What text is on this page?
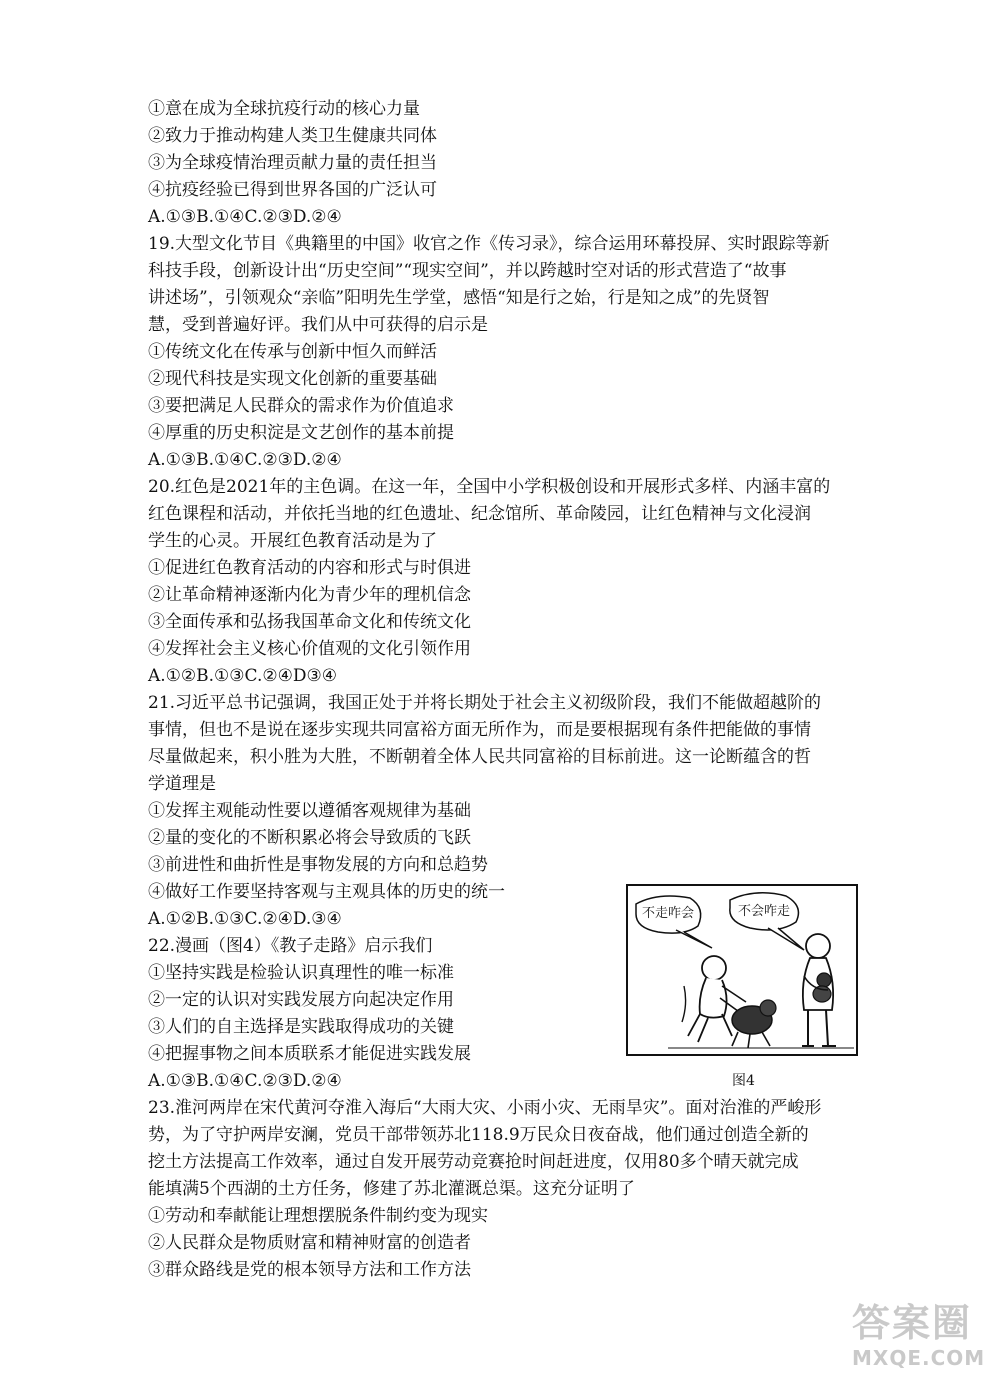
①意在成为全球抗疫行动的核心力量
②致力于推动构建人类卫生健康共同体
③为全球疫情治理贡献力量的责任担当
④抗疫经验已得到世界各国的广泛认可
A.①③B.①④C.②③D.②④
19.大型文化节目《典籍里的中国》收官之作《传习录》，综合运用环幕投屏、实时跟踪等新
科技手段，创新设计出“历史空间”“现实空间”，并以跨越时空对话的形式营造了“故事
讲述场”，引领观众“亲临”阳明先生学堂，感悟“知是行之始，行是知之成”的先贤智
慧，受到普遍好评。我们从中可获得的启示是
①传统文化在传承与创新中恒久而鲜活
②现代科技是实现文化创新的重要基础
③要把满足人民群众的需求作为价值追求
④厚重的历史积淀是文艺创作的基本前提
A.①③B.①④C.②③D.②④
20.红色是2021年的主色调。在这一年，全国中小学积极创设和开展形式多样、内涵丰富的
红色课程和活动，并依托当地的红色遗址、纪念馆所、革命陵园，让红色精神与文化浸润
学生的心灵。开展红色教育活动是为了
①促进红色教育活动的内容和形式与时俱进
②让革命精神逐渐内化为青少年的理机信念
③全面传承和弘扬我国革命文化和传统文化
④发挥社会主义核心价值观的文化引领作用
A.①②B.①③C.②④D③④
21.习近平总书记强调，我国正处于并将长期处于社会主义初级阶段，我们不能做超越阶的
事情，但也不是说在逐步实现共同富裕方面无所作为，而是要根据现有条件把能做的事情
尽量做起来，积小胜为大胜，不断朝着全体人民共同富裕的目标前进。这一论断蕴含的哲
学道理是
①发挥主观能动性要以遵循客观规律为基础
②量的变化的不断积累必将会导致质的飞跃
③前进性和曲折性是事物发展的方向和总趋势
④做好工作要坚持客观与主观具体的历史的统一
A.①②B.①③C.②④D.③④
22.漫画（图4）《教子走路》启示我们
①坚持实践是检验认识真理性的唯一标准
②一定的认识对实践发展方向起决定作用
③人们的自主选择是实践取得成功的关键
④把握事物之间本质联系才能促进实践发展
A.①③B.①④C.②③D.②④
23.淮河两岸在宋代黄河夺淮入海后“大雨大灾、小雨小灾、无雨旱灾”。面对治淮的严峻形
势，为了守护两岸安澜，党员干部带领苏北118.9万民众日夜奋战，他们通过创造全新的
挖土方法提高工作效率，通过自发开展劳动竞赛抢时间赶进度，仅用80多个晴天就完成
能填满5个西湖的土方任务，修建了苏北灌溉总渠。这充分证明了
①劳动和奉献能让理想摆脱条件制约变为现实
②人民群众是物质财富和精神财富的创造者
③群众路线是党的根本领导方法和工作方法
不走咋会	不会咋走
图4
答案圈
MXQE.COM
